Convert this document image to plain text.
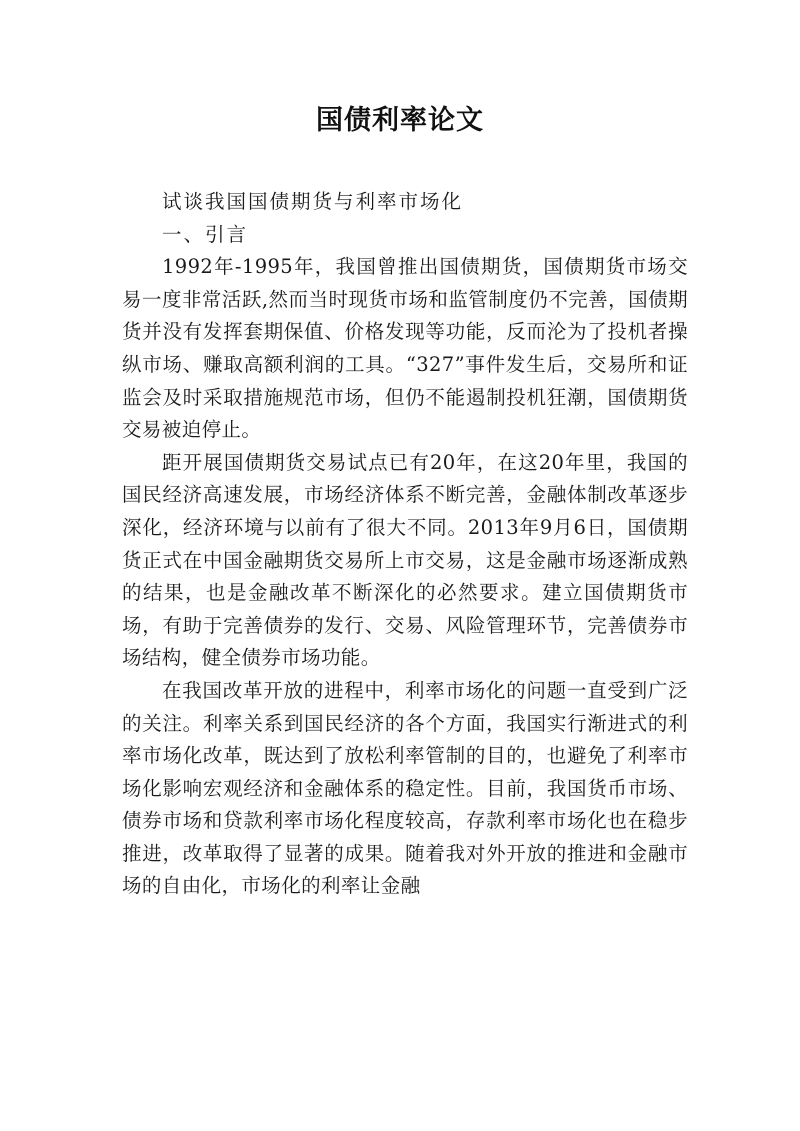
国债利率论文

试谈我国国债期货与利率市场化

一、引言

1992年-1995年，我国曾推出国债期货，国债期货市场交易一度非常活跃,然而当时现货市场和监管制度仍不完善，国债期货并没有发挥套期保值、价格发现等功能，反而沦为了投机者操纵市场、赚取高额利润的工具。“327”事件发生后，交易所和证监会及时采取措施规范市场，但仍不能遏制投机狂潮，国债期货交易被迫停止。

距开展国债期货交易试点已有20年，在这20年里，我国的国民经济高速发展，市场经济体系不断完善，金融体制改革逐步深化，经济环境与以前有了很大不同。2013年9月6日，国债期货正式在中国金融期货交易所上市交易，这是金融市场逐渐成熟的结果，也是金融改革不断深化的必然要求。建立国债期货市场，有助于完善债券的发行、交易、风险管理环节，完善债券市场结构，健全债券市场功能。

在我国改革开放的进程中，利率市场化的问题一直受到广泛的关注。利率关系到国民经济的各个方面，我国实行渐进式的利率市场化改革，既达到了放松利率管制的目的，也避免了利率市场化影响宏观经济和金融体系的稳定性。目前，我国货币市场、债券市场和贷款利率市场化程度较高，存款利率市场化也在稳步推进，改革取得了显著的成果。随着我对外开放的推进和金融市场的自由化，市场化的利率让金融
